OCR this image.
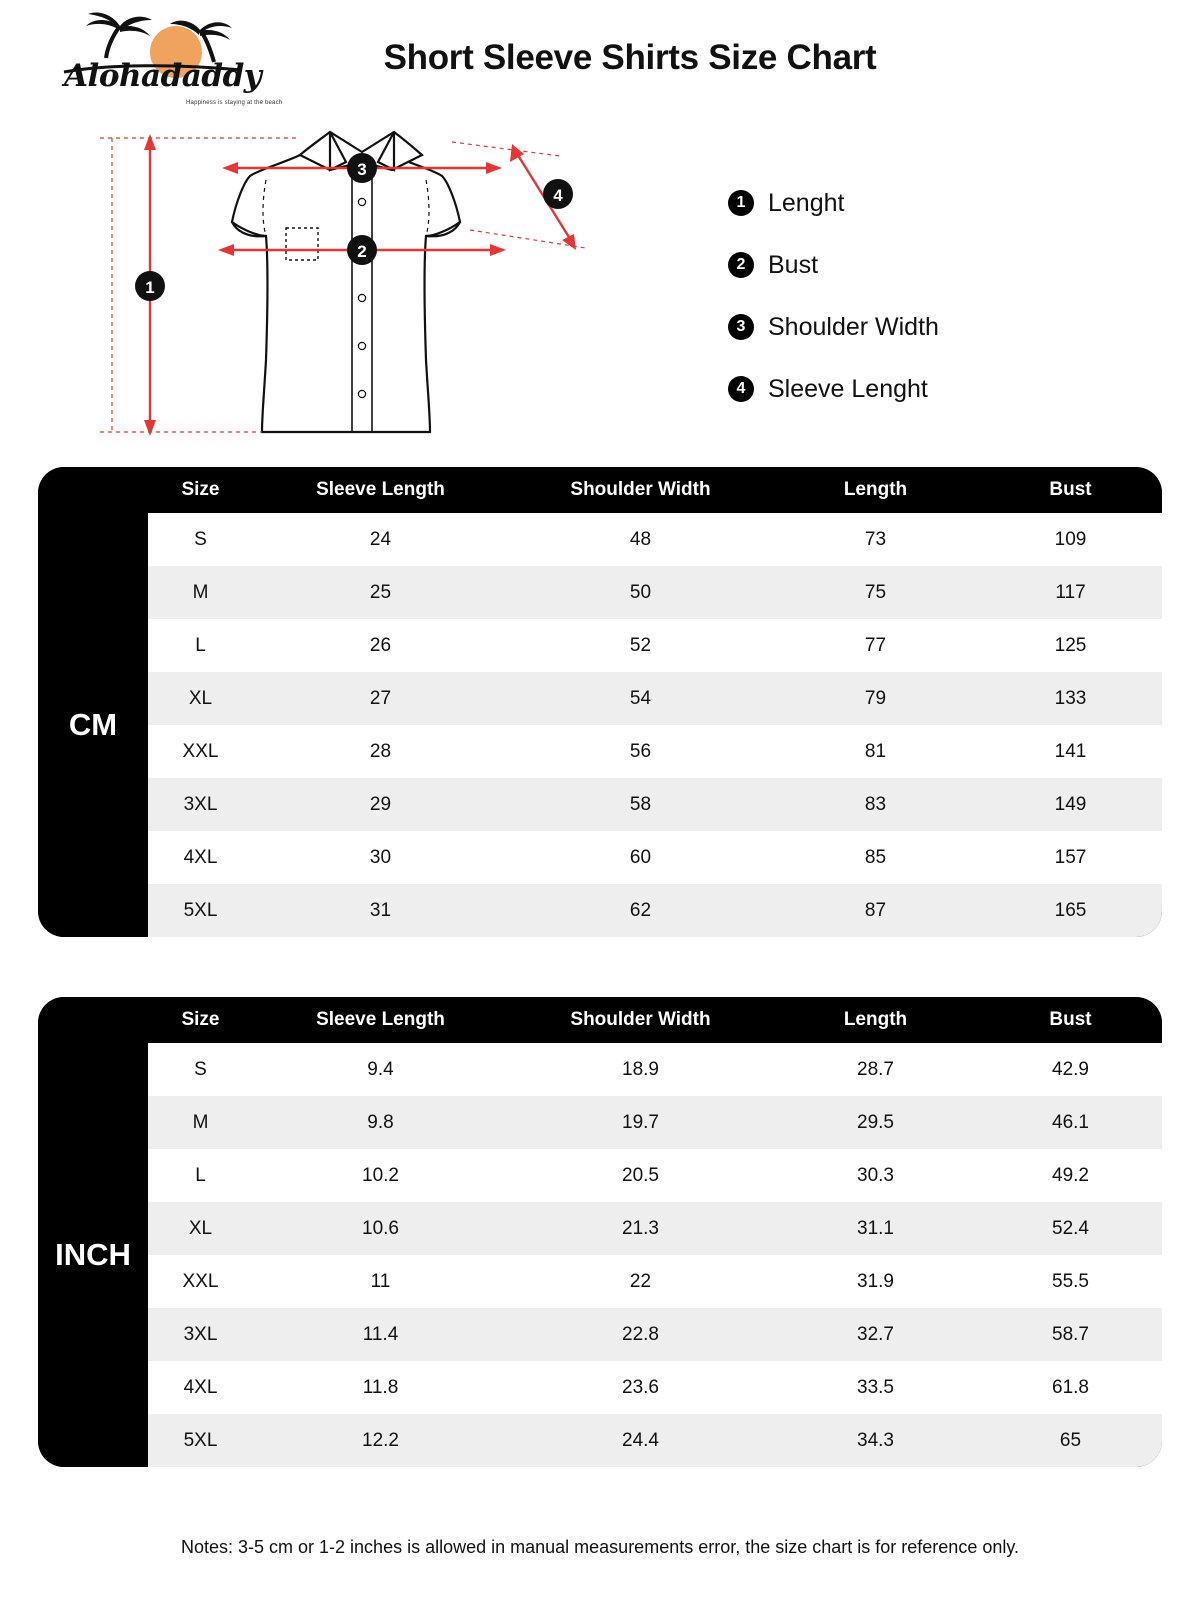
Alohadaddy
Happiness is staying at the beach
Short Sleeve Shirts Size Chart
1
2
3
4	1 Lenght
2 Bust
3 Shoulder Width
4 Sleeve Lenght
	Size	Sleeve Length	Shoulder Width	Length	Bust
CM	S	24	48	73	109
	M	25	50	75	117
	L	26	52	77	125
	XL	27	54	79	133
	XXL	28	56	81	141
	3XL	29	58	83	149
	4XL	30	60	85	157
	5XL	31	62	87	165
	Size	Sleeve Length	Shoulder Width	Length	Bust
INCH	S	9.4	18.9	28.7	42.9
	M	9.8	19.7	29.5	46.1
	L	10.2	20.5	30.3	49.2
	XL	10.6	21.3	31.1	52.4
	XXL	11	22	31.9	55.5
	3XL	11.4	22.8	32.7	58.7
	4XL	11.8	23.6	33.5	61.8
	5XL	12.2	24.4	34.3	65
Notes: 3-5 cm or 1-2 inches is allowed in manual measurements error, the size chart is for reference only.
